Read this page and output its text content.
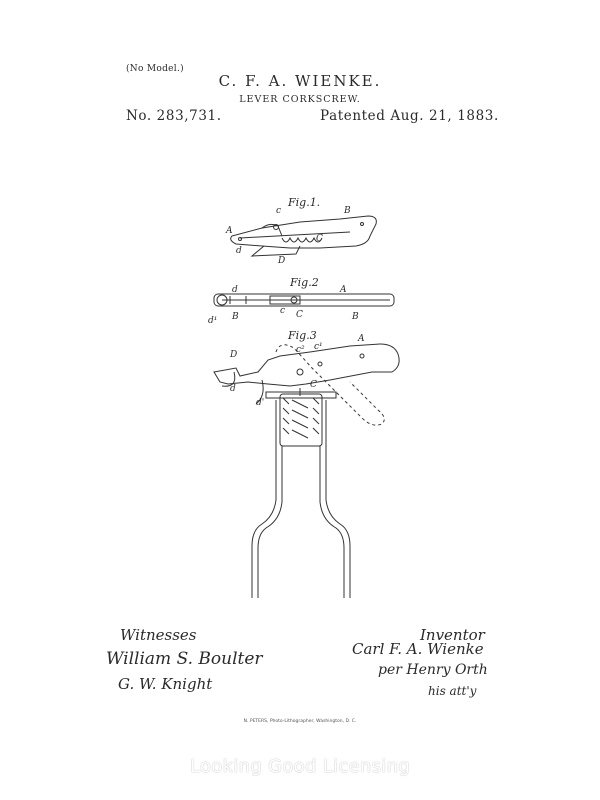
(No Model.)
C. F. A. WIENKE.
LEVER CORKSCREW.
No. 283,731.	Patented Aug. 21, 1883.
Fig.1.
Fig.2
Fig.3
A
c	B
C
d
D
d	A
d¹ B
c C	B
D	c² c¹
A
d	C
d'
Witnesses
William S. Boulter
G. W. Knight
Inventor
Carl F. A. Wienke
per Henry Orth
his att'y
N. PETERS, Photo-Lithographer, Washington, D. C.
Looking Good Licensing
